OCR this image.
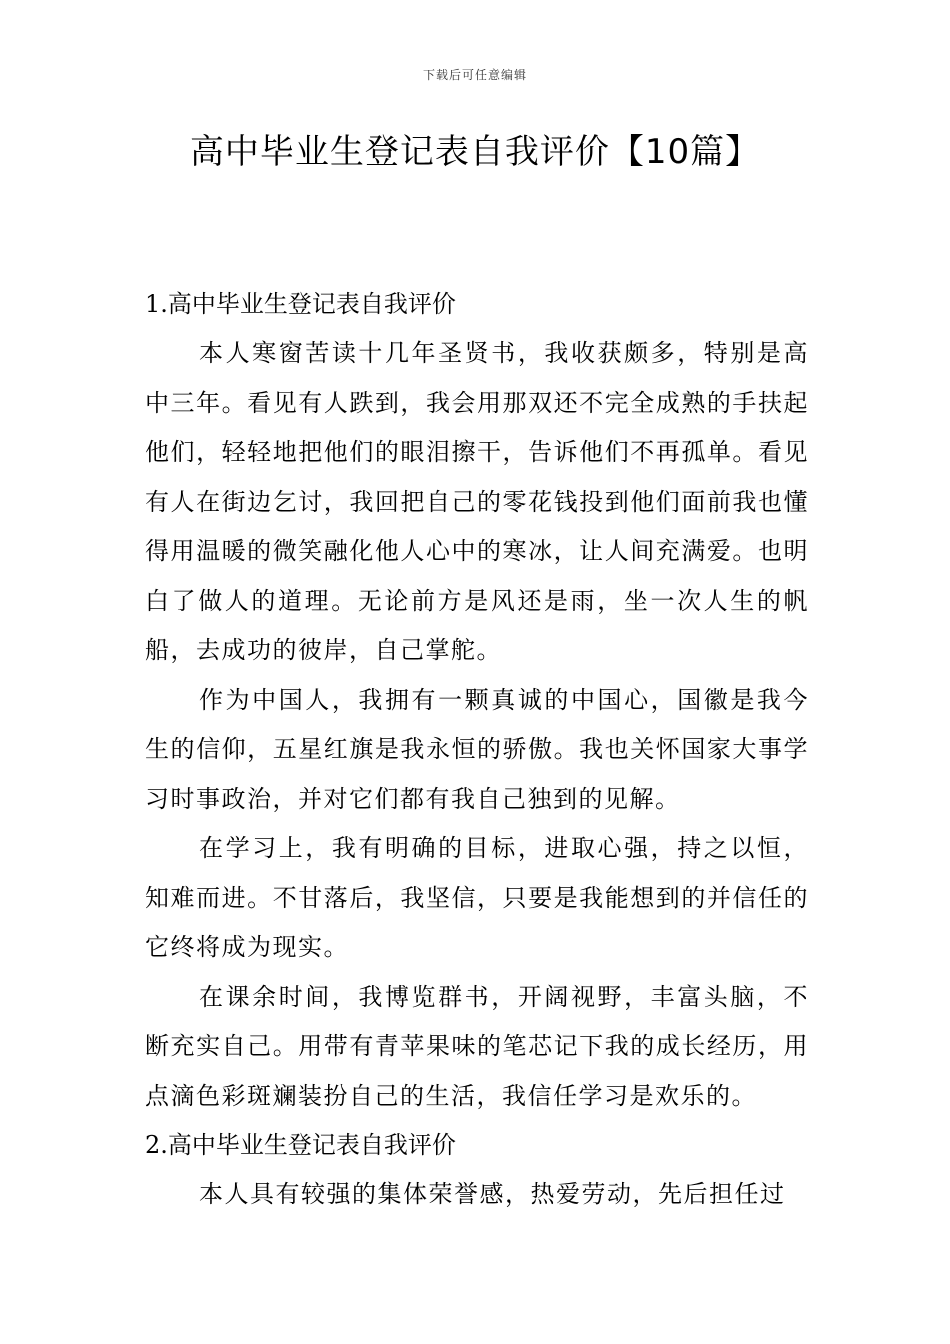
下载后可任意编辑
高中毕业生登记表自我评价【10篇】
1.高中毕业生登记表自我评价

本人寒窗苦读十几年圣贤书，我收获颇多，特别是高中三年。看见有人跌到，我会用那双还不完全成熟的手扶起他们，轻轻地把他们的眼泪擦干，告诉他们不再孤单。看见有人在街边乞讨，我回把自己的零花钱投到他们面前我也懂得用温暖的微笑融化他人心中的寒冰，让人间充满爱。也明白了做人的道理。无论前方是风还是雨，坐一次人生的帆船，去成功的彼岸，自己掌舵。

作为中国人，我拥有一颗真诚的中国心，国徽是我今生的信仰，五星红旗是我永恒的骄傲。我也关怀国家大事学习时事政治，并对它们都有我自己独到的见解。

在学习上，我有明确的目标，进取心强，持之以恒，知难而进。不甘落后，我坚信，只要是我能想到的并信任的它终将成为现实。

在课余时间，我博览群书，开阔视野，丰富头脑，不断充实自己。用带有青苹果味的笔芯记下我的成长经历，用点滴色彩斑斓装扮自己的生活，我信任学习是欢乐的。

2.高中毕业生登记表自我评价

本人具有较强的集体荣誉感，热爱劳动，先后担任过
